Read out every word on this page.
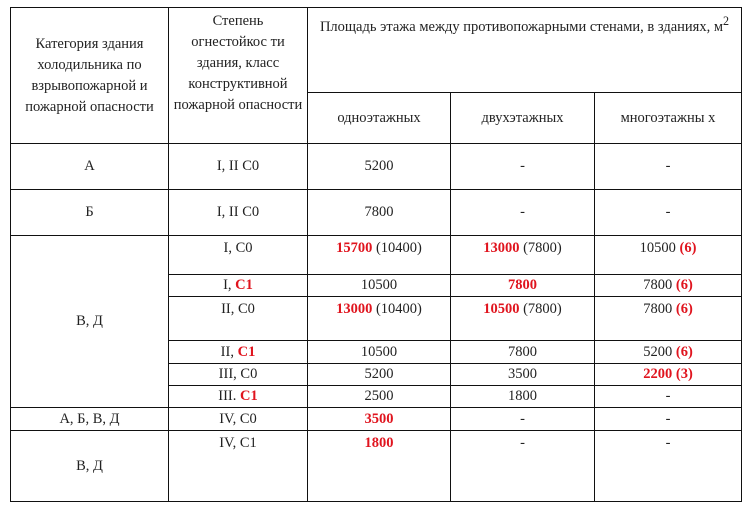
Категория здания холодильника по взрывопожарной и пожарной опасности	Степень огнестойкос ти здания, класс конструктивной пожарной опасности	Площадь этажа между противопожарными стенами, в зданиях, $м^2$
		одноэтажных	двухэтажных	многоэтажны х
А	I, II C0	5200	-	-
Б	I, II C0	7800	-	-
В, Д	I, C0	15700 (10400)	13000 (7800)	10500 (6)
	I, C1	10500	7800	7800 (6)
	II, C0	13000 (10400)	10500 (7800)	7800 (6)
	II, C1	10500	7800	5200 (6)
	III, C0	5200	3500	2200 (3)
	III. C1	2500	1800	-
А, Б, В, Д	IV, C0	3500	-	-
В, Д	IV, C1	1800	-	-
